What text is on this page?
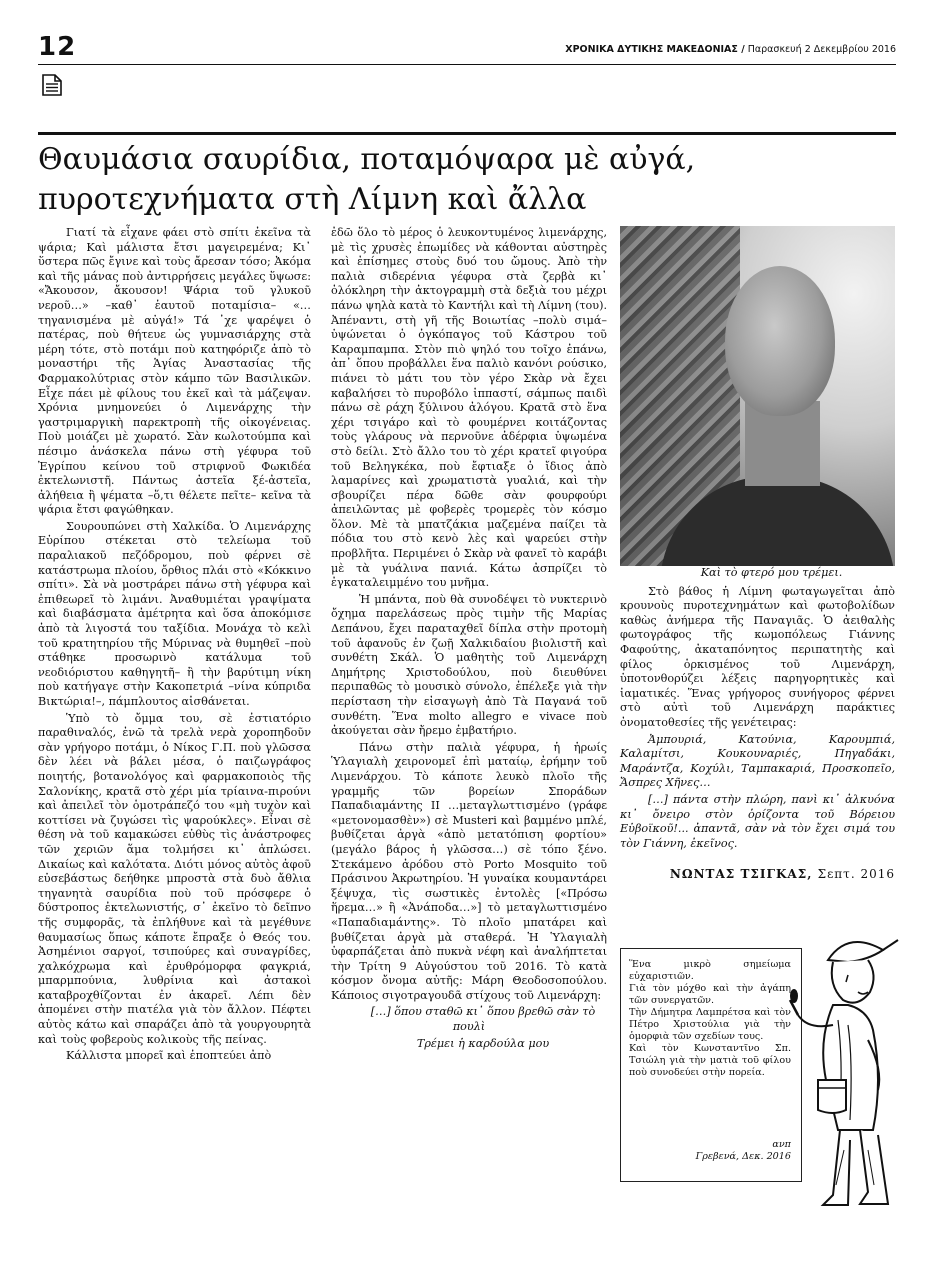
12	ΧΡΟΝΙΚΑ ΔΥΤΙΚΗΣ ΜΑΚΕΔΟΝΙΑΣ / Παρασκευή 2 Δεκεμβρίου 2016
Θαυμάσια σαυρίδια, ποταμόψαρα μὲ αὐγά, πυροτεχνήματα στὴ Λίμνη καὶ ἄλλα

Γιατί τὰ εἶχανε φάει στὸ σπίτι ἐκεῖνα τὰ ψάρια; Καὶ μάλιστα ἔτσι μαγειρεμένα; Κι᾿ ὕστερα πῶς ἔγινε καὶ τοὺς ἄρεσαν τόσο; Ἀκόμα καὶ τῆς μάνας ποὺ ἀντιρρήσεις μεγάλες ὕψωσε: «Ἄκουσον, ἄκουσον! Ψάρια τοῦ γλυκοῦ νεροῦ…» –καθ᾿ ἑαυτοῦ ποταμίσια– «…τηγανισμένα μὲ αὐγά!» Τά ᾿χε ψαρέψει ὁ πατέρας, ποὺ θήτευε ὡς γυμνασιάρχης στὰ μέρη τότε, στὸ ποτάμι ποὺ κατηφόριζε ἀπὸ τὸ μοναστήρι τῆς Ἁγίας Ἀναστασίας τῆς Φαρμακολύτριας στὸν κάμπο τῶν Βασιλικῶν. Εἶχε πάει μὲ φίλους του ἐκεῖ καὶ τὰ μάζεψαν. Χρόνια μνημονεύει ὁ Λιμενάρχης τὴν γαστριμαργικὴ παρεκτροπὴ τῆς οἰκογένειας. Ποὺ μοιάζει μὲ χωρατό. Σὰν κωλοτούμπα καὶ πέσιμο ἀνάσκελα πάνω στὴ γέφυρα τοῦ Ἐγρίπου κείνου τοῦ στριφνοῦ Φωκιδέα ἐκτελωνιστῆ. Πάντως ἀστεῖα ξέ-ἀστεῖα, ἀλήθεια ἢ ψέματα –ὅ,τι θέλετε πεῖτε– κεῖνα τὰ ψάρια ἔτσι φαγώθηκαν.

Σουρουπώνει στὴ Χαλκίδα. Ὁ Λιμενάρχης Εὐρίπου στέκεται στὸ τελείωμα τοῦ παραλιακοῦ πεζόδρομου, ποὺ φέρνει σὲ κατάστρωμα πλοίου, ὄρθιος πλάι στὸ «Κόκκινο σπίτι». Σὰ νὰ μοστράρει πάνω στὴ γέφυρα καὶ ἐπιθεωρεῖ τὸ λιμάνι. Ἀναθυμιέται γραψίματα καὶ διαβάσματα ἀμέτρητα καὶ ὅσα ἀποκόμισε ἀπὸ τὰ λιγοστά του ταξίδια. Μονάχα τὸ κελὶ τοῦ κρατητηρίου τῆς Μύρινας νὰ θυμηθεῖ –ποὺ στάθηκε προσωρινὸ κατάλυμα τοῦ νεοδιόριστου καθηγητῆ– ἢ τὴν βαρύτιμη νίκη ποὺ κατήγαγε στὴν Κακοπετριά –νίνα κύπριδα Βικτώρια!–, πάμπλουτος αἰσθάνεται.

Ὑπὸ τὸ ὄμμα του, σὲ ἐστιατόριο παραθιναλός, ἐνῶ τὰ τρελὰ νερὰ χοροπηδοῦν σὰν γρήγορο ποτάμι, ὁ Νίκος Γ.Π. ποὺ γλῶσσα δὲν λέει νὰ βάλει μέσα, ὁ παιζωγράφος ποιητής, βοτανολόγος καὶ φαρμακοποιὸς τῆς Σαλονίκης, κρατᾶ στὸ χέρι μία τρίαινα-πιρούνι καὶ ἀπειλεῖ τὸν ὁμοτράπεζό του «μὴ τυχὸν καὶ κοττίσει νὰ ζυγώσει τὶς ψαρούκλες». Εἶναι σὲ θέση νὰ τοῦ καμακώσει εὐθὺς τὶς ἀνάστροφες τῶν χεριῶν ἅμα τολμήσει κι᾿ ἁπλώσει. Δικαίως καὶ καλότατα. Διότι μόνος αὐτὸς ἀφοῦ εὐσεβάστως δεήθηκε μπροστὰ στὰ δυὸ ἄθλια τηγανητὰ σαυρίδια ποὺ τοῦ πρόσφερε ὁ δύστροπος ἐκτελωνιστής, σ᾿ ἐκεῖνο τὸ δεῖπνο τῆς συμφορᾶς, τὰ ἐπλήθυνε καὶ τὰ μεγέθυνε θαυμασίως ὅπως κάποτε ἔπραξε ὁ Θεός του. Ἀσημένιοι σαργοί, τσιπούρες καὶ συναγρίδες, χαλκόχρωμα καὶ ἐρυθρόμορφα φαγκριά, μπαρμπούνια, λυθρίνια καὶ ἀστακοὶ καταβροχθίζονται ἐν ἀκαρεῖ. Λέπι δὲν ἀπομένει στὴν πιατέλα γιὰ τὸν ἄλλον. Πέφτει αὐτὸς κάτω καὶ σπαράζει ἀπὸ τὰ γουργουρητὰ καὶ τοὺς φοβεροὺς κολικοὺς τῆς πείνας.

Κάλλιστα μπορεῖ καὶ ἐποπτεύει ἀπὸ

ἐδῶ ὅλο τὸ μέρος ὁ λευκοντυμένος λιμενάρχης, μὲ τὶς χρυσὲς ἐπωμίδες νὰ κάθονται αὐστηρὲς καὶ ἐπίσημες στοὺς δυό του ὤμους. Ἀπὸ τὴν παλιὰ σιδερένια γέφυρα στὰ ζερβὰ κι᾿ ὁλόκληρη τὴν ἀκτογραμμὴ στὰ δεξιὰ του μέχρι πάνω ψηλὰ κατὰ τὸ Καντήλι καὶ τὴ Λίμνη (του). Ἀπέναντι, στὴ γῆ τῆς Βοιωτίας –πολὺ σιμά– ὑψώνεται ὁ ὀγκόπαγος τοῦ Κάστρου τοῦ Καραμπαμπα. Στὸν πιὸ ψηλό του τοῖχο ἐπάνω, ἀπ᾿ ὅπου προβάλλει ἕνα παλιὸ κανόνι ρούσικο, πιάνει τὸ μάτι του τὸν γέρο Σκὰρ νὰ ἔχει καβαλήσει τὸ πυροβόλο ἱππαστί, σάμπως παιδὶ πάνω σὲ ράχη ξύλινου ἀλόγου. Κρατᾶ στὸ ἕνα χέρι τσιγάρο καὶ τὸ φουμέρνει κοιτάζοντας τοὺς γλάρους νὰ περνοῦνε ἀδέρφια ὑψωμένα στὸ δείλι. Στὸ ἄλλο του τὸ χέρι κρατεῖ φιγούρα τοῦ Βεληγκέκα, ποὺ ἔφτιαξε ὁ ἴδιος ἀπὸ λαμαρίνες καὶ χρωματιστὰ γυαλιά, καὶ τὴν σβουρίζει πέρα δῶθε σὰν φουρφούρι ἀπειλῶντας μὲ φοβερὲς τρομερὲς τὸν κόσμο ὅλον. Μὲ τὰ μπατζάκια μαζεμένα παίζει τὰ πόδια του στὸ κενὸ λὲς καὶ ψαρεύει στὴν προβλῆτα. Περιμένει ὁ Σκὰρ νὰ φανεῖ τὸ καράβι μὲ τὰ γυάλινα πανιά. Κάτω ἀσπρίζει τὸ ἐγκαταλειμμένο του μνῆμα.

Ἡ μπάντα, ποὺ θὰ συνοδέψει τὸ νυκτερινὸ ὄχημα παρελάσεως πρὸς τιμὴν τῆς Μαρίας Δεπάνου, ἔχει παραταχθεῖ δίπλα στὴν προτομὴ τοῦ ἀφανοῦς ἐν ζωῇ Χαλκιδαίου βιολιστῆ καὶ συνθέτη Σκάλ. Ὁ μαθητὴς τοῦ Λιμενάρχη Δημήτρης Χριστοδούλου, ποὺ διευθύνει περιπαθῶς τὸ μουσικὸ σύνολο, ἐπέλεξε γιὰ τὴν περίσταση τὴν εἰσαγωγὴ ἀπὸ Τὰ Παγανά τοῦ συνθέτη. Ἕνα molto allegro e vivace ποὺ ἀκούγεται σὰν ἤρεμο ἐμβατήριο.

Πάνω στὴν παλιὰ γέφυρα, ἡ ἡρωίς Ὑλαγιαλὴ χειρονομεῖ ἐπὶ ματαίῳ, ἐρήμην τοῦ Λιμενάρχου. Τὸ κάποτε λευκὸ πλοῖο τῆς γραμμῆς τῶν βορείων Σποράδων Παπαδιαμάντης ΙΙ …μεταγλωττισμένο (γράφε «μετονομασθὲν») σὲ Musteri καὶ βαμμένο μπλέ, βυθίζεται ἀργὰ «ἀπὸ μετατόπιση φορτίου» (μεγάλο βάρος ἡ γλῶσσα…) σὲ τόπο ξένο. Στεκάμενο ἀρόδου στὸ Porto Mosquito τοῦ Πράσινου Ἀκρωτηρίου. Ἡ γυναίκα κουμαντάρει ξέψυχα, τὶς σωστικὲς ἐντολὲς [«Πρόσω ἥρεμα…» ἢ «Ἀνάποδα…»] τὸ μεταγλωττισμένο «Παπαδιαμάντης». Τὸ πλοῖο μπατάρει καὶ βυθίζεται ἀργὰ μὰ σταθερά. Ἡ Ὑλαγιαλὴ ὑφαρπάζεται ἀπὸ πυκνὰ νέφη καὶ ἀναλήπτεται τὴν Τρίτη 9 Αὐγούστου τοῦ 2016. Τὸ κατὰ κόσμον ὄνομα αὐτῆς: Μάρη Θεοδοσοπούλου. Κάποιος σιγοτραγουδᾶ στίχους τοῦ Λιμενάρχη:

[…] ὅπου σταθῶ κι᾿ ὅπου βρεθῶ σὰν τὸ πουλὶ

Τρέμει ἡ καρδούλα μου

Καὶ τὸ φτερό μου τρέμει.

Στὸ βάθος ἡ Λίμνη φωταγωγεῖται ἀπὸ κρουνοὺς πυροτεχνημάτων καὶ φωτοβολίδων καθὼς ἀνήμερα τῆς Παναγιᾶς. Ὁ ἀειθαλὴς φωτογράφος τῆς κωμοπόλεως Γιάννης Φαφούτης, ἀκαταπόνητος περιπατητὴς καὶ φίλος ὁρκισμένος τοῦ Λιμενάρχη, ὑποτονθορύζει λέξεις παρηγορητικὲς καὶ ἰαματικές. Ἕνας γρήγορος συνήγορος φέρνει στὸ αὐτὶ τοῦ Λιμενάρχη παράκτιες ὀνοματοθεσίες τῆς γενέτειρας:

Ἀμπουριά, Κατούνια, Καρουμπιά, Καλαμίτσι, Κουκουναριές, Πηγαδάκι, Μαράντζα, Κοχύλι, Ταμπακαριά, Προσκοπεῖο, Ἄσπρες Χῆνες…

[…] πάντα στὴν πλώρη, πανὶ κι᾿ ἀλκυόνα κι᾿ ὄνειρο στὸν ὁρίζοντα τοῦ Βόρειου Εὐβοϊκοῦ!... ἀπαντᾶ, σὰν νὰ τὸν ἔχει σιμά του τὸν Γιάννη, ἐκεῖνος.

ΝΩΝΤΑΣ ΤΣΙΓΚΑΣ, Σεπτ. 2016

Ἕνα μικρὸ σημείωμα εὐχαριστιῶν.

Γιὰ τὸν μόχθο καὶ τὴν ἀγάπη τῶν συνεργατῶν.

Τὴν Δήμητρα Λαμπρέτσα καὶ τὸν Πέτρο Χριστούλια γιὰ τὴν ὁμορφιὰ τῶν σχεδίων τους.

Καὶ τὸν Κωνσταντῖνο Σπ. Τσιώλη γιὰ τὴν ματιὰ τοῦ φίλου ποὺ συνοδεύει στὴν πορεία.

ανπ
Γρεβενά, Δεκ. 2016
